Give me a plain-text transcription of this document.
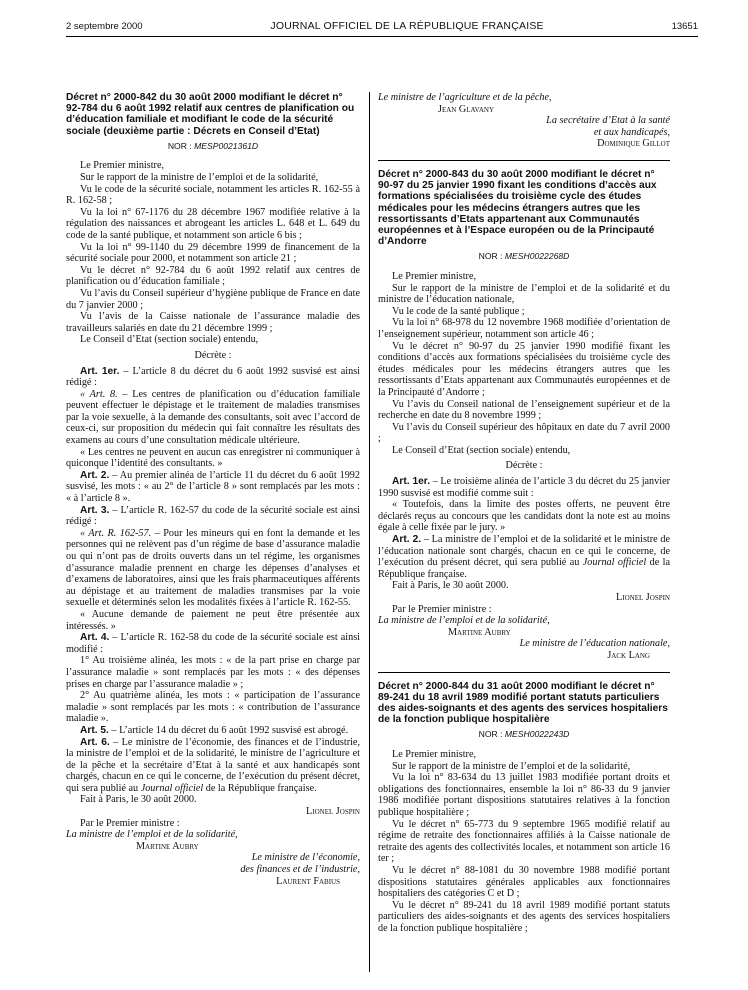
2 septembre 2000	JOURNAL OFFICIEL DE LA RÉPUBLIQUE FRANÇAISE	13651

Décret n° 2000-842 du 30 août 2000 modifiant le décret n° 92-784 du 6 août 1992 relatif aux centres de planification ou d’éducation familiale et modifiant le code de la sécurité sociale (deuxième partie : Décrets en Conseil d’Etat)

NOR : MESP0021361D

Le Premier ministre,

Sur le rapport de la ministre de l’emploi et de la solidarité,

Vu le code de la sécurité sociale, notamment les articles R. 162-55 à R. 162-58 ;

Vu la loi n° 67-1176 du 28 décembre 1967 modifiée relative à la régulation des naissances et abrogeant les articles L. 648 et L. 649 du code de la santé publique, et notamment son article 6 bis ;

Vu la loi n° 99-1140 du 29 décembre 1999 de financement de la sécurité sociale pour 2000, et notamment son article 21 ;

Vu le décret n° 92-784 du 6 août 1992 relatif aux centres de planification ou d’éducation familiale ;

Vu l’avis du Conseil supérieur d’hygiène publique de France en date du 7 janvier 2000 ;

Vu l’avis de la Caisse nationale de l’assurance maladie des travailleurs salariés en date du 21 décembre 1999 ;

Le Conseil d’Etat (section sociale) entendu,

Décrète :

Art. 1er. – L’article 8 du décret du 6 août 1992 susvisé est ainsi rédigé :

« Art. 8. – Les centres de planification ou d’éducation familiale peuvent effectuer le dépistage et le traitement de maladies transmises par la voie sexuelle, à la demande des consultants, soit avec l’accord de ceux-ci, sur proposition du médecin qui fait connaître les résultats des examens au cours d’une consultation médicale ultérieure.

« Les centres ne peuvent en aucun cas enregistrer ni communiquer à quiconque l’identité des consultants. »

Art. 2. – Au premier alinéa de l’article 11 du décret du 6 août 1992 susvisé, les mots : « au 2° de l’article 8 » sont remplacés par les mots : « à l’article 8 ».

Art. 3. – L’article R. 162-57 du code de la sécurité sociale est ainsi rédigé :

« Art. R. 162-57. – Pour les mineurs qui en font la demande et les personnes qui ne relèvent pas d’un régime de base d’assurance maladie ou qui n’ont pas de droits ouverts dans un tel régime, les organismes d’assurance maladie prennent en charge les dépenses d’analyses et d’examens de laboratoires, ainsi que les frais pharmaceutiques afférents au dépistage et au traitement de maladies transmises par la voie sexuelle et déterminés selon les modalités fixées à l’article R. 162-55.

« Aucune demande de paiement ne peut être présentée aux intéressés. »

Art. 4. – L’article R. 162-58 du code de la sécurité sociale est ainsi modifié :

1° Au troisième alinéa, les mots : « de la part prise en charge par l’assurance maladie » sont remplacés par les mots : « des dépenses prises en charge par l’assurance maladie » ;

2° Au quatrième alinéa, les mots : « participation de l’assurance maladie » sont remplacés par les mots : « contribution de l’assurance maladie ».

Art. 5. – L’article 14 du décret du 6 août 1992 susvisé est abrogé.

Art. 6. – Le ministre de l’économie, des finances et de l’industrie, la ministre de l’emploi et de la solidarité, le ministre de l’agriculture et de la pêche et la secrétaire d’Etat à la santé et aux handicapés sont chargés, chacun en ce qui le concerne, de l’exécution du présent décret, qui sera publié au Journal officiel de la République française.

Fait à Paris, le 30 août 2000.

Lionel Jospin

Par le Premier ministre :

La ministre de l’emploi et de la solidarité,

Martine Aubry

Le ministre de l’économie,

des finances et de l’industrie,

Laurent Fabius

Le ministre de l’agriculture et de la pêche,

Jean Glavany

La secrétaire d’Etat à la santé

et aux handicapés,

Dominique Gillot

Décret n° 2000-843 du 30 août 2000 modifiant le décret n° 90-97 du 25 janvier 1990 fixant les conditions d’accès aux formations spécialisées du troisième cycle des études médicales pour les médecins étrangers autres que les ressortissants d’Etats appartenant aux Communautés européennes et à l’Espace européen ou de la Principauté d’Andorre

NOR : MESH0022268D

Le Premier ministre,

Sur le rapport de la ministre de l’emploi et de la solidarité et du ministre de l’éducation nationale,

Vu le code de la santé publique ;

Vu la loi n° 68-978 du 12 novembre 1968 modifiée d’orientation de l’enseignement supérieur, notamment son article 46 ;

Vu le décret n° 90-97 du 25 janvier 1990 modifié fixant les conditions d’accès aux formations spécialisées du troisième cycle des études médicales pour les médecins étrangers autres que les ressortissants d’Etats appartenant aux Communautés européennes et de la Principauté d’Andorre ;

Vu l’avis du Conseil national de l’enseignement supérieur et de la recherche en date du 8 novembre 1999 ;

Vu l’avis du Conseil supérieur des hôpitaux en date du 7 avril 2000 ;

Le Conseil d’Etat (section sociale) entendu,

Décrète :

Art. 1er. – Le troisième alinéa de l’article 3 du décret du 25 janvier 1990 susvisé est modifié comme suit :

« Toutefois, dans la limite des postes offerts, ne peuvent être déclarés reçus au concours que les candidats dont la note est au moins égale à celle fixée par le jury. »

Art. 2. – La ministre de l’emploi et de la solidarité et le ministre de l’éducation nationale sont chargés, chacun en ce qui le concerne, de l’exécution du présent décret, qui sera publié au Journal officiel de la République française.

Fait à Paris, le 30 août 2000.

Lionel Jospin

Par le Premier ministre :

La ministre de l’emploi et de la solidarité,

Martine Aubry

Le ministre de l’éducation nationale,

Jack Lang

Décret n° 2000-844 du 31 août 2000 modifiant le décret n° 89-241 du 18 avril 1989 modifié portant statuts particuliers des aides-soignants et des agents des services hospitaliers de la fonction publique hospitalière

NOR : MESH0022243D

Le Premier ministre,

Sur le rapport de la ministre de l’emploi et de la solidarité,

Vu la loi n° 83-634 du 13 juillet 1983 modifiée portant droits et obligations des fonctionnaires, ensemble la loi n° 86-33 du 9 janvier 1986 modifiée portant dispositions statutaires relatives à la fonction publique hospitalière ;

Vu le décret n° 65-773 du 9 septembre 1965 modifié relatif au régime de retraite des fonctionnaires affiliés à la Caisse nationale de retraite des agents des collectivités locales, et notamment son article 16 ter ;

Vu le décret n° 88-1081 du 30 novembre 1988 modifié portant dispositions statutaires générales applicables aux fonctionnaires hospitaliers des catégories C et D ;

Vu le décret n° 89-241 du 18 avril 1989 modifié portant statuts particuliers des aides-soignants et des agents des services hospitaliers de la fonction publique hospitalière ;
